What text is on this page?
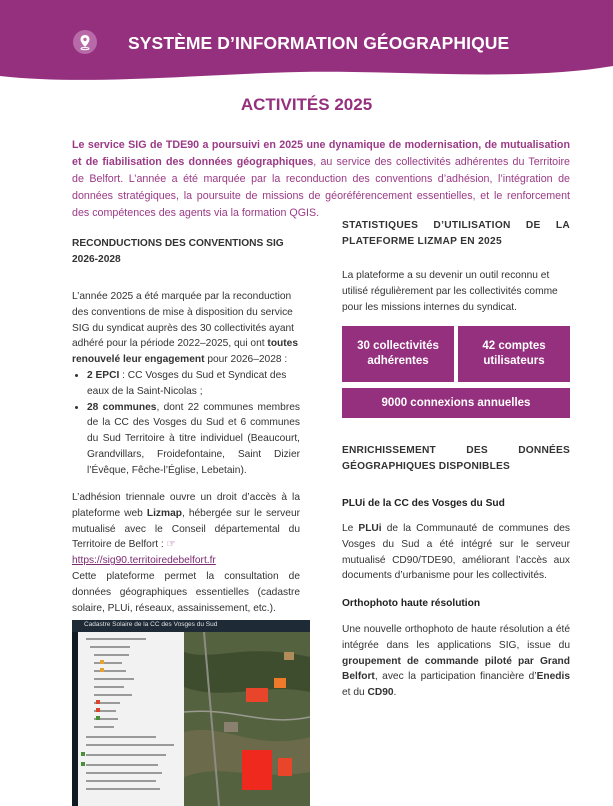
SYSTÈME D’INFORMATION GÉOGRAPHIQUE
ACTIVITÉS 2025
Le service SIG de TDE90 a poursuivi en 2025 une dynamique de modernisation, de mutualisation et de fiabilisation des données géographiques, au service des collectivités adhérentes du Territoire de Belfort. L’année a été marquée par la reconduction des conventions d’adhésion, l’intégration de données stratégiques, la poursuite de missions de géoréférencement essentielles, et le renforcement des compétences des agents via la formation QGIS.
RECONDUCTIONS DES CONVENTIONS SIG 2026-2028
L’année 2025 a été marquée par la reconduction des conventions de mise à disposition du service SIG du syndicat auprès des 30 collectivités ayant adhéré pour la période 2022–2025, qui ont toutes renouvelé leur engagement pour 2026–2028 :
• 2 EPCI : CC Vosges du Sud et Syndicat des eaux de la Saint-Nicolas ;
• 28 communes, dont 22 communes membres de la CC des Vosges du Sud et 6 communes du Sud Territoire à titre individuel (Beaucourt, Grandvillars, Froidefontaine, Saint Dizier l’Évêque, Fêche-l’Église, Lebetain).
L’adhésion triennale ouvre un droit d’accès à la plateforme web Lizmap, hébergée sur le serveur mutualisé avec le Conseil départemental du Territoire de Belfort : ☞
https://sig90.territoiredebelfort.fr
Cette plateforme permet la consultation de données géographiques essentielles (cadastre solaire, PLUi, réseaux, assainissement, etc.).
Cadastre Solaire de la CC des Vosges du Sud
STATISTIQUES D’UTILISATION DE LA PLATEFORME LIZMAP EN 2025
La plateforme a su devenir un outil reconnu et utilisé régulièrement par les collectivités comme pour les missions internes du syndicat.
30 collectivités adhérentes
42 comptes utilisateurs
9000 connexions annuelles
ENRICHISSEMENT DES DONNÉES GÉOGRAPHIQUES DISPONIBLES
PLUi de la CC des Vosges du Sud
Le PLUi de la Communauté de communes des Vosges du Sud a été intégré sur le serveur mutualisé CD90/TDE90, améliorant l’accès aux documents d’urbanisme pour les collectivités.
Orthophoto haute résolution
Une nouvelle orthophoto de haute résolution a été intégrée dans les applications SIG, issue du groupement de commande piloté par Grand Belfort, avec la participation financière d’Enedis et du CD90.
